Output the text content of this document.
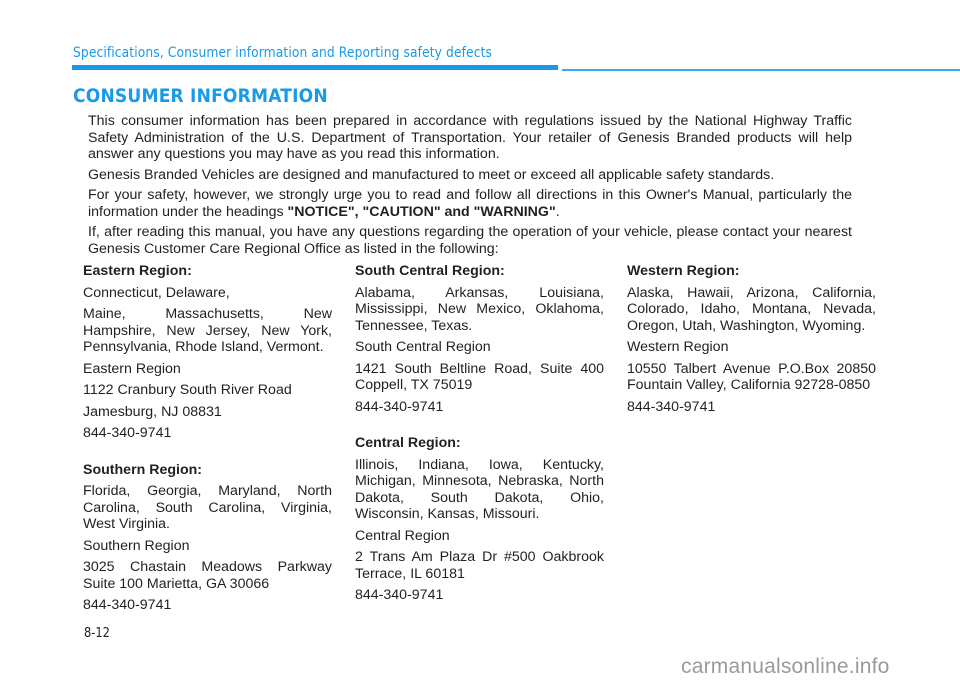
Specifications, Consumer information and Reporting safety defects
CONSUMER INFORMATION

This consumer information has been prepared in accordance with regulations issued by the National Highway Traffic Safety Administration of the U.S. Department of Transportation. Your retailer of Genesis Branded products will help answer any questions you may have as you read this information.

Genesis Branded Vehicles are designed and manufactured to meet or exceed all applicable safety standards.

For your safety, however, we strongly urge you to read and follow all directions in this Owner's Manual, particularly the information under the headings "NOTICE", "CAUTION" and "WARNING".

If, after reading this manual, you have any questions regarding the operation of your vehicle, please contact your nearest Genesis Customer Care Regional Office as listed in the following:

Eastern Region:

Connecticut, Delaware,

Maine, Massachusetts, New Hampshire, New Jersey, New York, Pennsylvania, Rhode Island, Vermont.

Eastern Region

1122 Cranbury South River Road

Jamesburg, NJ 08831

844-340-9741

Southern Region:

Florida, Georgia, Maryland, North Carolina, South Carolina, Virginia, West Virginia.

Southern Region

3025 Chastain Meadows Parkway Suite 100 Marietta, GA 30066

844-340-9741

South Central Region:

Alabama, Arkansas, Louisiana, Mississippi, New Mexico, Oklahoma, Tennessee, Texas.

South Central Region

1421 South Beltline Road, Suite 400 Coppell, TX 75019

844-340-9741

Central Region:

Illinois, Indiana, Iowa, Kentucky, Michigan, Minnesota, Nebraska, North Dakota, South Dakota, Ohio, Wisconsin, Kansas, Missouri.

Central Region

2 Trans Am Plaza Dr #500 Oakbrook Terrace, IL 60181

844-340-9741

Western Region:

Alaska, Hawaii, Arizona, California, Colorado, Idaho, Montana, Nevada, Oregon, Utah, Washington, Wyoming.

Western Region

10550 Talbert Avenue P.O.Box 20850 Fountain Valley, California 92728-0850

844-340-9741

8-12
carmanualsonline.info
